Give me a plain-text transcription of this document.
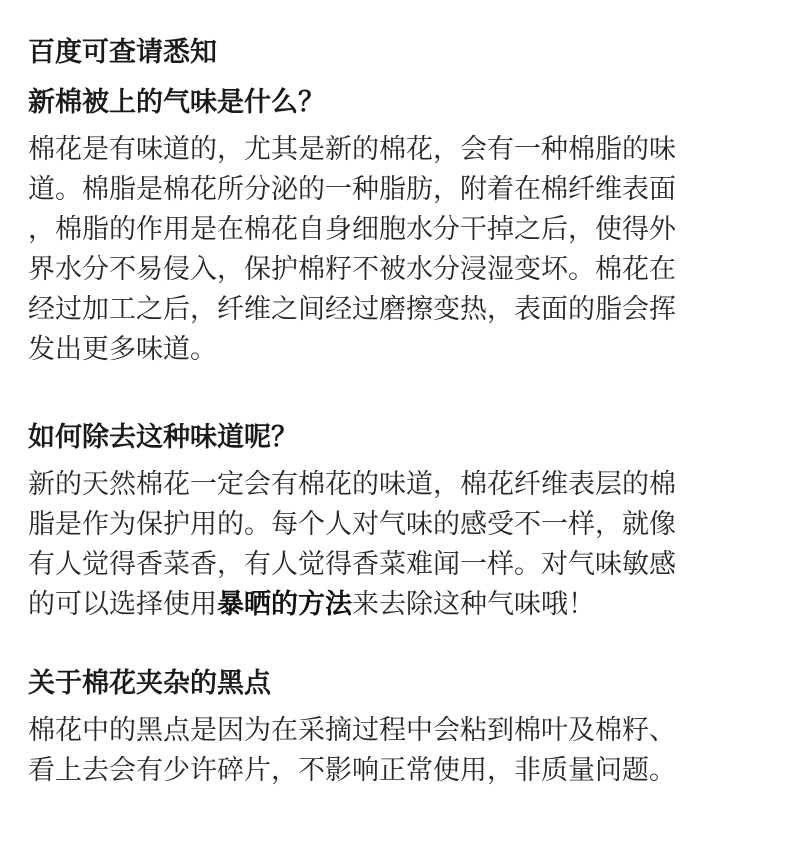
百度可查请悉知
新棉被上的气味是什么？
棉花是有味道的，尤其是新的棉花，会有一种棉脂的味
道。棉脂是棉花所分泌的一种脂肪，附着在棉纤维表面
，棉脂的作用是在棉花自身细胞水分干掉之后，使得外
界水分不易侵入，保护棉籽不被水分浸湿变坏。棉花在
经过加工之后，纤维之间经过磨擦变热，表面的脂会挥
发出更多味道。
如何除去这种味道呢？
新的天然棉花一定会有棉花的味道，棉花纤维表层的棉
脂是作为保护用的。每个人对气味的感受不一样，就像
有人觉得香菜香，有人觉得香菜难闻一样。对气味敏感
的可以选择使用暴晒的方法来去除这种气味哦！
关于棉花夹杂的黑点
棉花中的黑点是因为在采摘过程中会粘到棉叶及棉籽、
看上去会有少许碎片，不影响正常使用，非质量问题。
